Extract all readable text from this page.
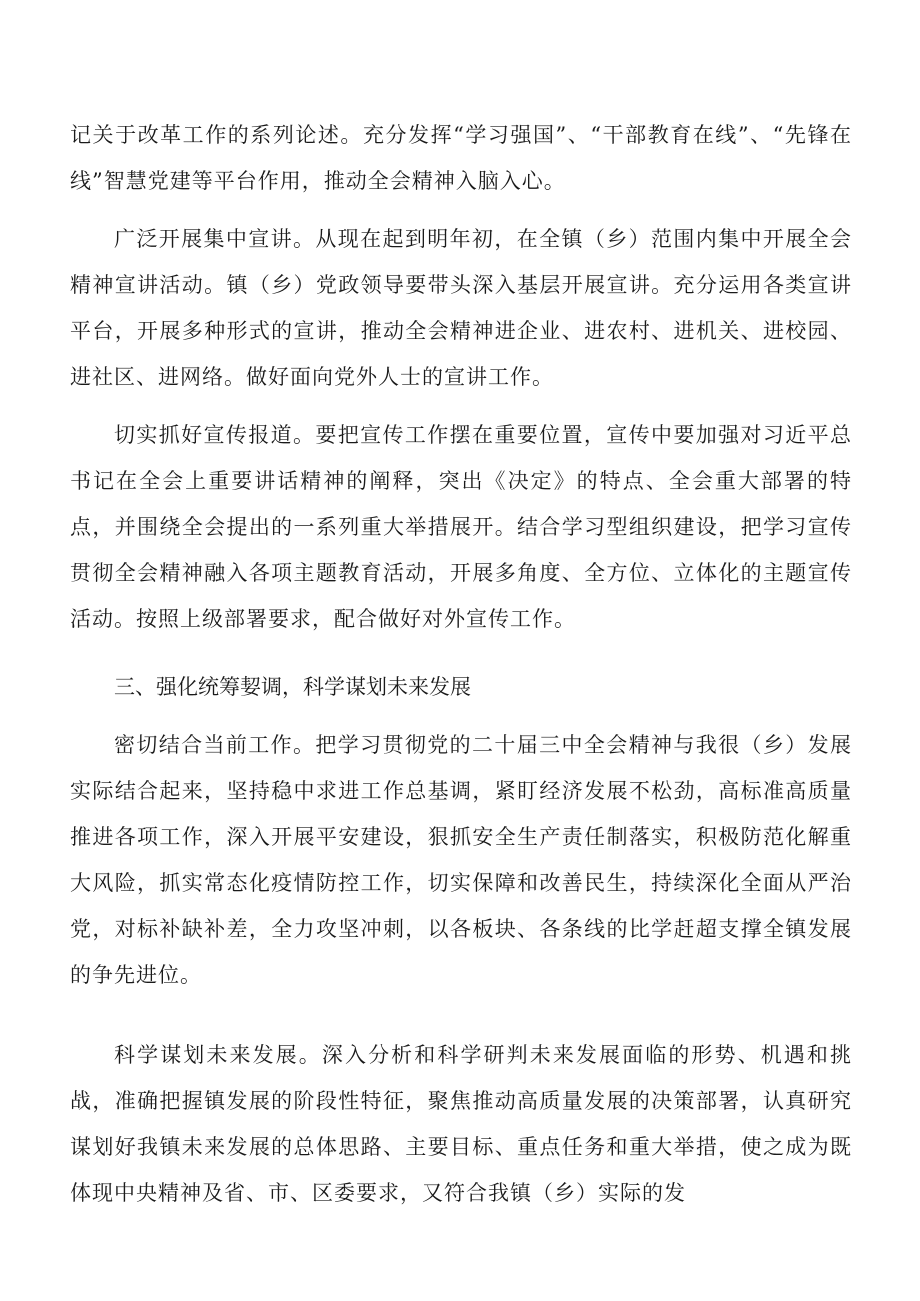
记关于改革工作的系列论述。充分发挥“学习强国”、“干部教育在线”、“先锋在线”智慧党建等平台作用，推动全会精神入脑入心。

广泛开展集中宣讲。从现在起到明年初，在全镇（乡）范围内集中开展全会精神宣讲活动。镇（乡）党政领导要带头深入基层开展宣讲。充分运用各类宣讲平台，开展多种形式的宣讲，推动全会精神进企业、进农村、进机关、进校园、进社区、进网络。做好面向党外人士的宣讲工作。

切实抓好宣传报道。要把宣传工作摆在重要位置，宣传中要加强对习近平总书记在全会上重要讲话精神的阐释，突出《决定》的特点、全会重大部署的特点，并围绕全会提出的一系列重大举措展开。结合学习型组织建设，把学习宣传贯彻全会精神融入各项主题教育活动，开展多角度、全方位、立体化的主题宣传活动。按照上级部署要求，配合做好对外宣传工作。

三、强化统筹㛃调，科学谋划未来发展

密切结合当前工作。把学习贯彻党的二十届三中全会精神与我很（乡）发展实际结合起来，坚持稳中求进工作总基调，紧盯经济发展不松劲，高标准高质量推进各项工作，深入开展平安建设，狠抓安全生产责任制落实，积极防范化解重大风险，抓实常态化疫情防控工作，切实保障和改善民生，持续深化全面从严治党，对标补缺补差，全力攻坚冲刺，以各板块、各条线的比学赶超支撑全镇发展的争先进位。

科学谋划未来发展。深入分析和科学研判未来发展面临的形势、机遇和挑战，准确把握镇发展的阶段性特征，聚焦推动高质量发展的决策部署，认真研究谋划好我镇未来发展的总体思路、主要目标、重点任务和重大举措，使之成为既体现中央精神及省、市、区委要求，又符合我镇（乡）实际的发
